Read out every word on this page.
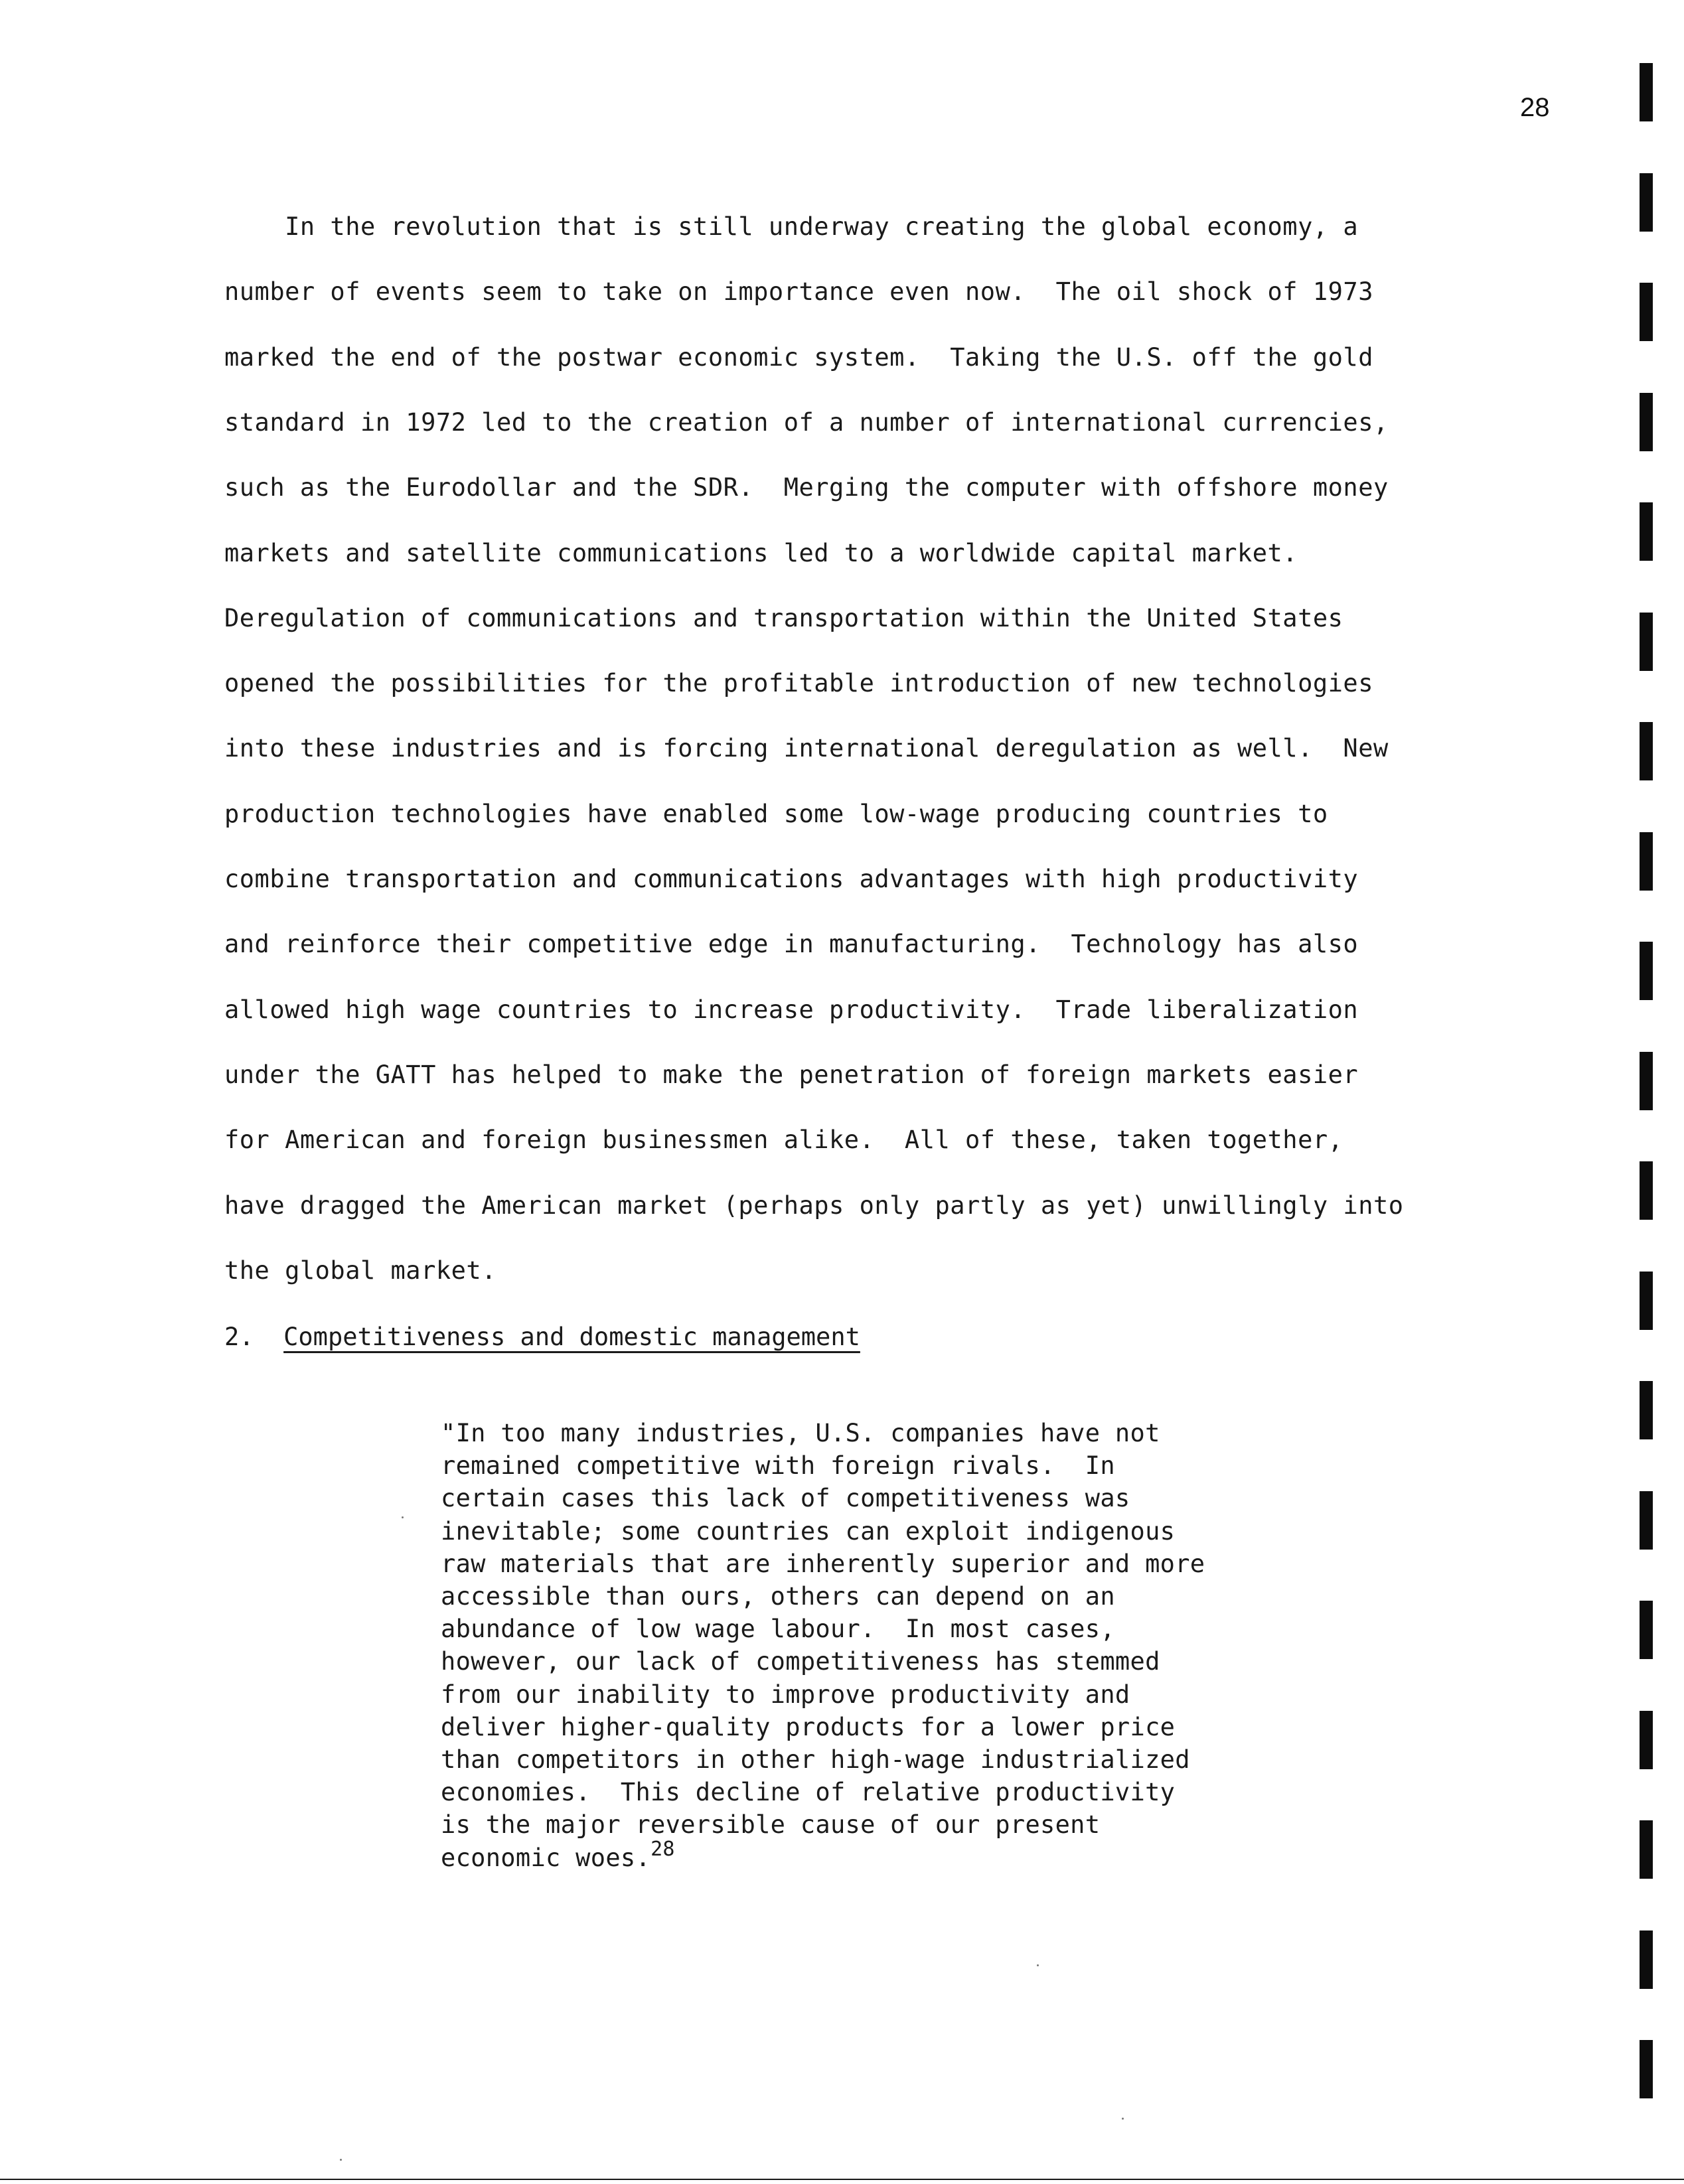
28
In the revolution that is still underway creating the global economy, a
number of events seem to take on importance even now.  The oil shock of 1973
marked the end of the postwar economic system.  Taking the U.S. off the gold
standard in 1972 led to the creation of a number of international currencies,
such as the Eurodollar and the SDR.  Merging the computer with offshore money
markets and satellite communications led to a worldwide capital market.
Deregulation of communications and transportation within the United States
opened the possibilities for the profitable introduction of new technologies
into these industries and is forcing international deregulation as well.  New
production technologies have enabled some low-wage producing countries to
combine transportation and communications advantages with high productivity
and reinforce their competitive edge in manufacturing.  Technology has also
allowed high wage countries to increase productivity.  Trade liberalization
under the GATT has helped to make the penetration of foreign markets easier
for American and foreign businessmen alike.  All of these, taken together,
have dragged the American market (perhaps only partly as yet) unwillingly into
the global market.
2. Competitiveness and domestic management
"In too many industries, U.S. companies have not
remained competitive with foreign rivals.  In
certain cases this lack of competitiveness was
inevitable; some countries can exploit indigenous
raw materials that are inherently superior and more
accessible than ours, others can depend on an
abundance of low wage labour.  In most cases,
however, our lack of competitiveness has stemmed
from our inability to improve productivity and
deliver higher-quality products for a lower price
than competitors in other high-wage industrialized
economies.  This decline of relative productivity
is the major reversible cause of our present
economic woes.$^{28}$
